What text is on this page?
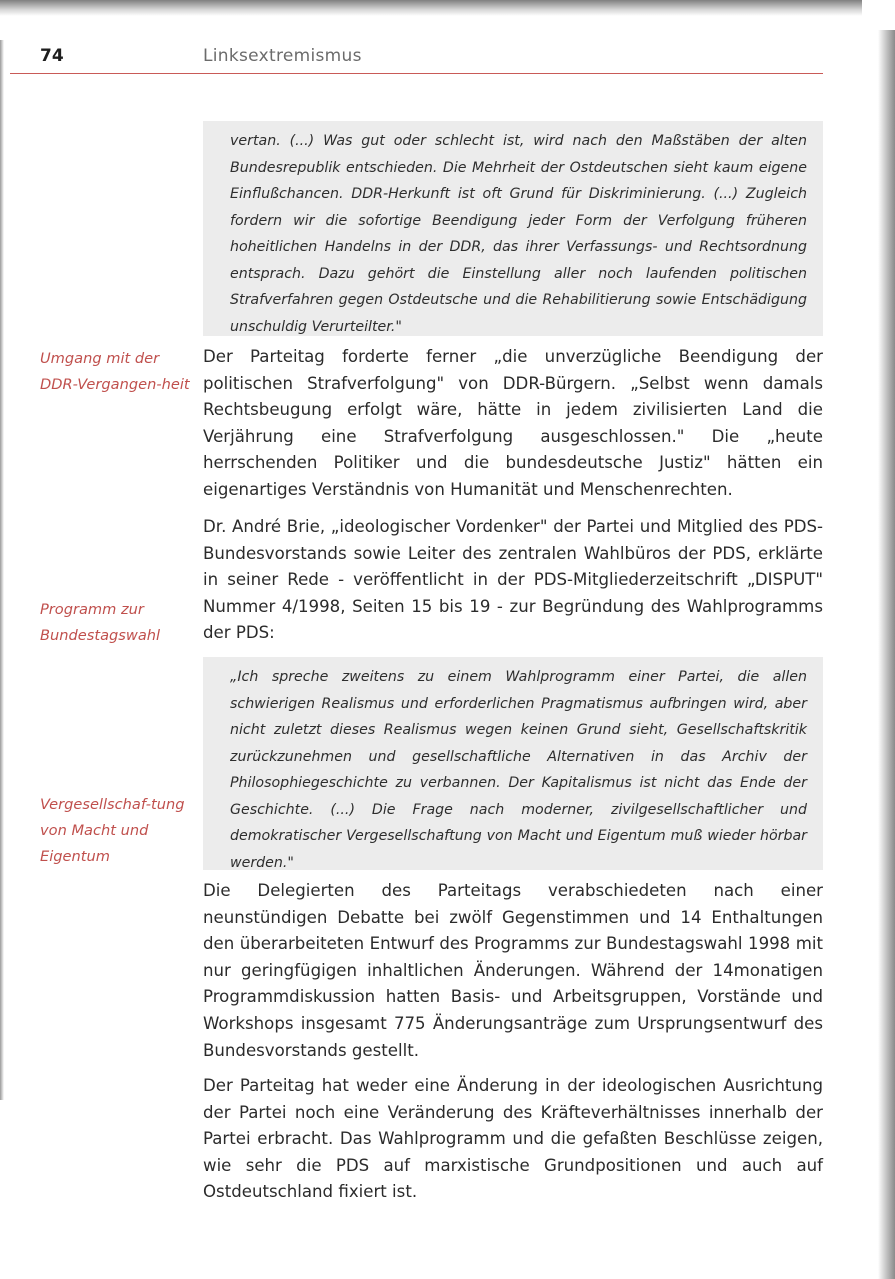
74	Linksextremismus

vertan. (...) Was gut oder schlecht ist, wird nach den Maßstäben der alten Bundesrepublik entschieden. Die Mehrheit der Ostdeutschen sieht kaum eigene Einflußchancen. DDR-Herkunft ist oft Grund für Diskriminierung. (...) Zugleich fordern wir die sofortige Beendigung jeder Form der Verfolgung früheren hoheitlichen Handelns in der DDR, das ihrer Verfassungs- und Rechtsordnung entsprach. Dazu gehört die Einstellung aller noch laufenden politischen Strafverfahren gegen Ostdeutsche und die Rehabilitierung sowie Entschädigung unschuldig Verurteilter."

Umgang mit der DDR-Vergangen-heit

Der Parteitag forderte ferner „die unverzügliche Beendigung der politischen Strafverfolgung" von DDR-Bürgern. „Selbst wenn damals Rechtsbeugung erfolgt wäre, hätte in jedem zivilisierten Land die Verjährung eine Strafverfolgung ausgeschlossen." Die „heute herrschenden Politiker und die bundesdeutsche Justiz" hätten ein eigenartiges Verständnis von Humanität und Menschenrechten.

Programm zur Bundestagswahl

Dr. André Brie, „ideologischer Vordenker" der Partei und Mitglied des PDS-Bundesvorstands sowie Leiter des zentralen Wahlbüros der PDS, erklärte in seiner Rede - veröffentlicht in der PDS-Mitgliederzeitschrift „DISPUT" Nummer 4/1998, Seiten 15 bis 19 - zur Begründung des Wahlprogramms der PDS:

„Ich spreche zweitens zu einem Wahlprogramm einer Partei, die allen schwierigen Realismus und erforderlichen Pragmatismus aufbringen wird, aber nicht zuletzt dieses Realismus wegen keinen Grund sieht, Gesellschaftskritik zurückzunehmen und gesellschaftliche Alternativen in das Archiv der Philosophiegeschichte zu verbannen. Der Kapitalismus ist nicht das Ende der Geschichte. (...) Die Frage nach moderner, zivilgesellschaftlicher und demokratischer Vergesellschaftung von Macht und Eigentum muß wieder hörbar werden."

Vergesellschaf-tung von Macht und Eigentum

Die Delegierten des Parteitags verabschiedeten nach einer neunstündigen Debatte bei zwölf Gegenstimmen und 14 Enthaltungen den überarbeiteten Entwurf des Programms zur Bundestagswahl 1998 mit nur geringfügigen inhaltlichen Änderungen. Während der 14monatigen Programmdiskussion hatten Basis- und Arbeitsgruppen, Vorstände und Workshops insgesamt 775 Änderungsanträge zum Ursprungsentwurf des Bundesvorstands gestellt.

Der Parteitag hat weder eine Änderung in der ideologischen Ausrichtung der Partei noch eine Veränderung des Kräfteverhältnisses innerhalb der Partei erbracht. Das Wahlprogramm und die gefaßten Beschlüsse zeigen, wie sehr die PDS auf marxistische Grundpositionen und auch auf Ostdeutschland fixiert ist.
